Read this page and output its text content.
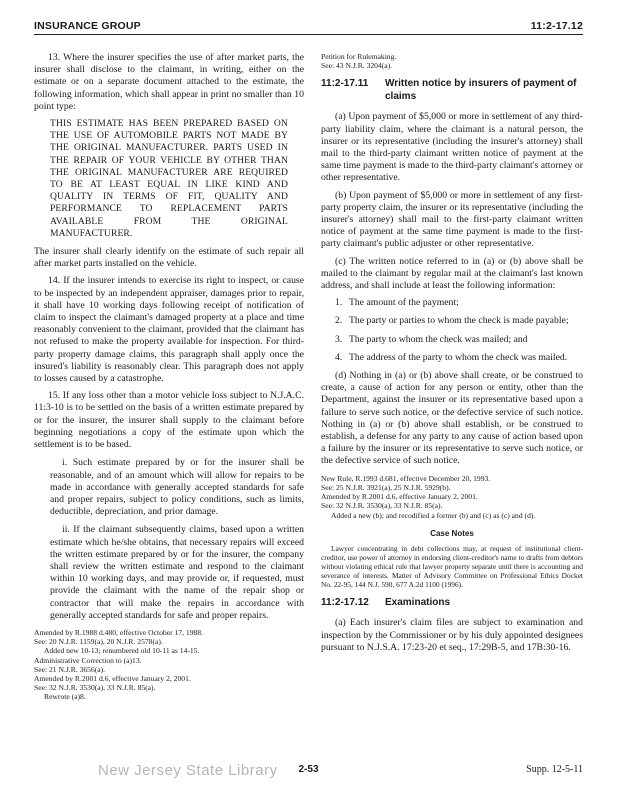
INSURANCE GROUP	11:2-17.12

13. Where the insurer specifies the use of after market parts, the insurer shall disclose to the claimant, in writing, either on the estimate or on a separate document attached to the estimate, the following information, which shall appear in print no smaller than 10 point type:

THIS ESTIMATE HAS BEEN PREPARED BASED ON THE USE OF AUTOMOBILE PARTS NOT MADE BY THE ORIGINAL MANUFACTURER. PARTS USED IN THE REPAIR OF YOUR VEHICLE BY OTHER THAN THE ORIGINAL MANUFACTURER ARE REQUIRED TO BE AT LEAST EQUAL IN LIKE KIND AND QUALITY IN TERMS OF FIT, QUALITY AND PERFORMANCE TO REPLACEMENT PARTS AVAILABLE FROM THE ORIGINAL MANUFACTURER.

The insurer shall clearly identify on the estimate of such repair all after market parts installed on the vehicle.

14. If the insurer intends to exercise its right to inspect, or cause to be inspected by an independent appraiser, damages prior to repair, it shall have 10 working days following receipt of notification of claim to inspect the claimant's damaged property at a place and time reasonably convenient to the claimant, provided that the claimant has not refused to make the property available for inspection. For third-party property damage claims, this paragraph shall apply once the insured's liability is reasonably clear. This paragraph does not apply to losses caused by a catastrophe.

15. If any loss other than a motor vehicle loss subject to N.J.A.C. 11:3-10 is to be settled on the basis of a written estimate prepared by or for the insurer, the insurer shall supply to the claimant before beginning negotiations a copy of the estimate upon which the settlement is to be based.

i. Such estimate prepared by or for the insurer shall be reasonable, and of an amount which will allow for repairs to be made in accordance with generally accepted standards for safe and proper repairs, subject to policy conditions, such as limits, deductible, depreciation, and prior damage.

ii. If the claimant subsequently claims, based upon a written estimate which he/she obtains, that necessary repairs will exceed the written estimate prepared by or for the insurer, the company shall review the written estimate and respond to the claimant within 10 working days, and may provide or, if requested, must provide the claimant with the name of the repair shop or contractor that will make the repairs in accordance with generally accepted standards for safe and proper repairs.

Amended by R.1988 d.480, effective October 17, 1988.

See: 20 N.J.R. 1159(a), 20 N.J.R. 2578(a).

Added new 10-13; renumbered old 10-11 as 14-15.

Administrative Correction to (a)13.

See: 21 N.J.R. 3656(a).

Amended by R.2001 d.6, effective January 2, 2001.

See: 32 N.J.R. 3530(a), 33 N.J.R. 85(a).

Rewrote (a)8.

Petition for Rulemaking.

See: 43 N.J.R. 3204(a).

11:2-17.11	Written notice by insurers of payment of claims

(a) Upon payment of $5,000 or more in settlement of any third-party liability claim, where the claimant is a natural person, the insurer or its representative (including the insurer's attorney) shall mail to the third-party claimant written notice of payment at the same time payment is made to the third-party claimant's attorney or other representative.

(b) Upon payment of $5,000 or more in settlement of any first-party property claim, the insurer or its representative (including the insurer's attorney) shall mail to the first-party claimant written notice of payment at the same time payment is made to the first-party claimant's public adjuster or other representative.

(c) The written notice referred to in (a) or (b) above shall be mailed to the claimant by regular mail at the claimant's last known address, and shall include at least the following information:

1. The amount of the payment;
2. The party or parties to whom the check is made payable;
3. The party to whom the check was mailed; and
4. The address of the party to whom the check was mailed.

(d) Nothing in (a) or (b) above shall create, or be construed to create, a cause of action for any person or entity, other than the Department, against the insurer or its representative based upon a failure to serve such notice, or the defective service of such notice. Nothing in (a) or (b) above shall establish, or be construed to establish, a defense for any party to any cause of action based upon a failure by the insurer or its representative to serve such notice, or the defective service of such notice.

New Rule, R.1993 d.681, effective December 20, 1993.

See: 25 N.J.R. 3921(a), 25 N.J.R. 5929(b).

Amended by R.2001 d.6, effective January 2, 2001.

See: 32 N.J.R. 3530(a), 33 N.J.R. 85(a).

Added a new (b); and recodified a former (b) and (c) as (c) and (d).

Case Notes

Lawyer concentrating in debt collections may, at request of institutional client-creditor, use power of attorney in endorsing client-creditor's name to drafts from debtors without violating ethical rule that lawyer property separate until there is accounting and severance of interests. Matter of Advisory Committee on Professional Ethics Docket No. 22-95, 144 N.J. 590, 677 A.2d 1100 (1996).

11:2-17.12	Examinations

(a) Each insurer's claim files are subject to examination and inspection by the Commissioner or by his duly appointed designees pursuant to N.J.S.A. 17:23-20 et seq., 17:29B-5, and 17B:30-16.

New Jersey State Library	2-53	Supp. 12-5-11
